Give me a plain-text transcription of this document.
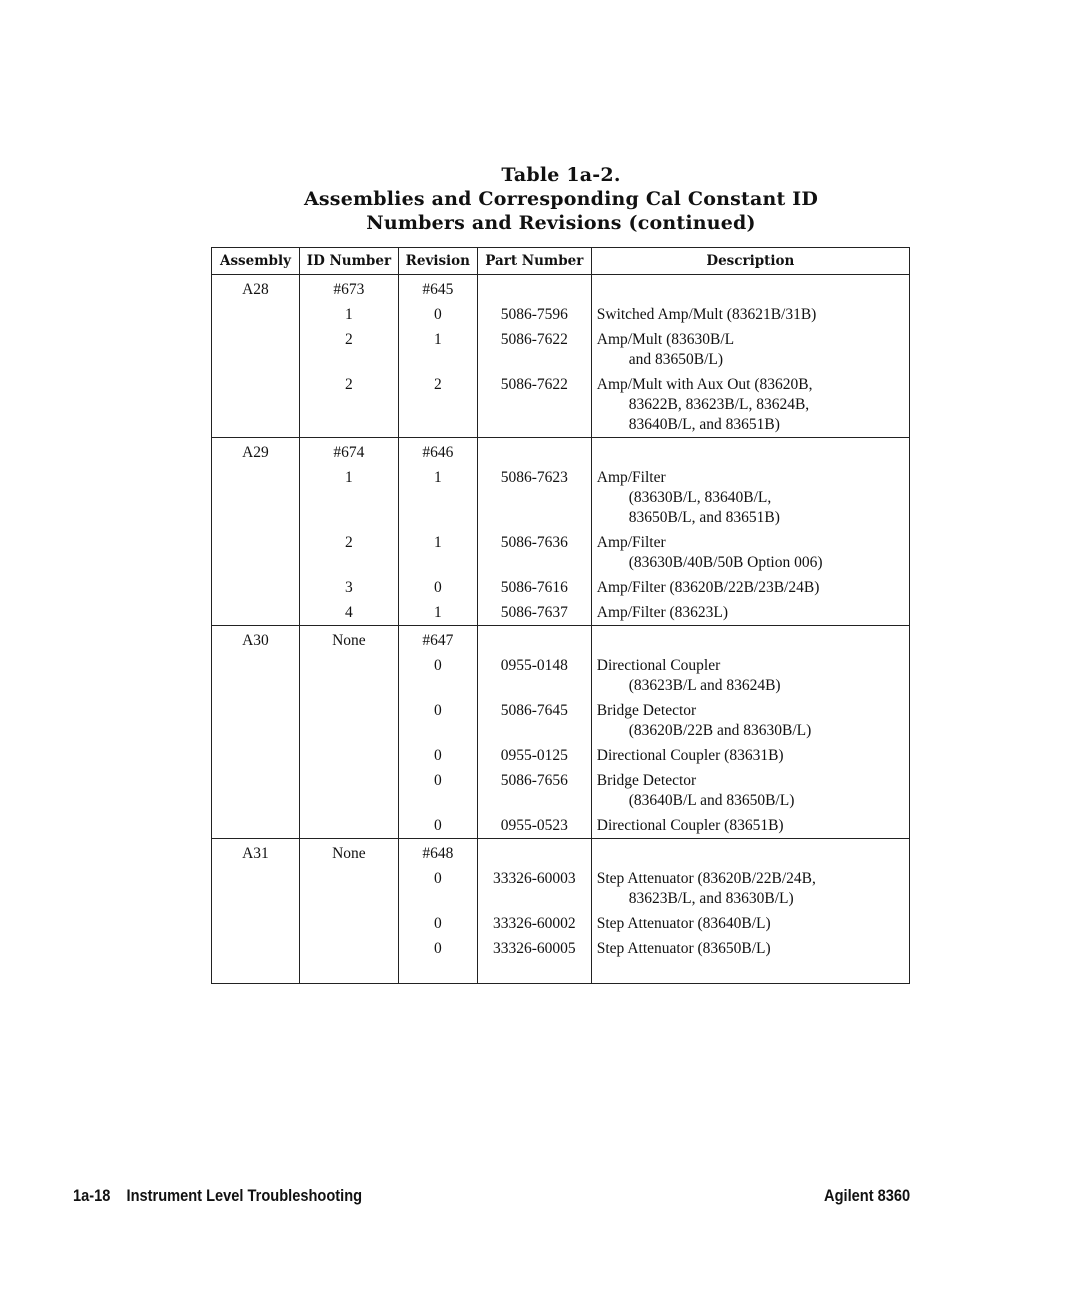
Table 1a-2.
Assemblies and Corresponding Cal Constant ID
Numbers and Revisions (continued)
Assembly	ID Number	Revision	Part Number	Description
A28	#673	#645		
	1	0	5086-7596	Switched Amp/Mult (83621B/31B)

	2	1	5086-7622	Amp/Mult (83630B/L
and 83650B/L)

	2	2	5086-7622	Amp/Mult with Aux Out (83620B,
83622B, 83623B/L, 83624B,
83640B/L, and 83651B)

A29	#674	#646		
	1	1	5086-7623	Amp/Filter
(83630B/L, 83640B/L,
83650B/L, and 83651B)

	2	1	5086-7636	Amp/Filter
(83630B/40B/50B Option 006)

	3	0	5086-7616	Amp/Filter (83620B/22B/23B/24B)

	4	1	5086-7637	Amp/Filter (83623L)

A30	None	#647		
		0	0955-0148	Directional Coupler
(83623B/L and 83624B)

		0	5086-7645	Bridge Detector
(83620B/22B and 83630B/L)

		0	0955-0125	Directional Coupler (83631B)

		0	5086-7656	Bridge Detector
(83640B/L and 83650B/L)

		0	0955-0523	Directional Coupler (83651B)

A31	None	#648		
		0	33326-60003	Step Attenuator (83620B/22B/24B,
83623B/L, and 83630B/L)

		0	33326-60002	Step Attenuator (83640B/L)

		0	33326-60005	Step Attenuator (83650B/L)
1a-18 Instrument Level Troubleshooting	Agilent 8360
